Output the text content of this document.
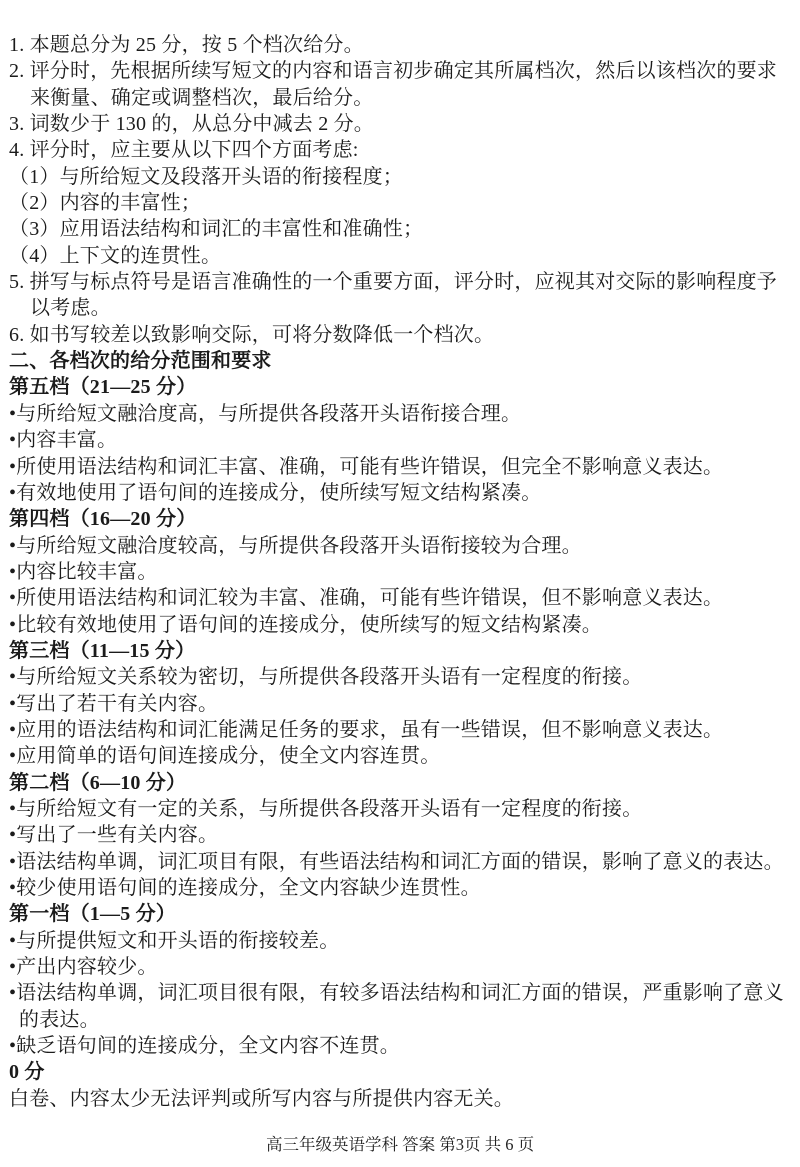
1. 本题总分为 25 分，按 5 个档次给分。
2. 评分时，先根据所续写短文的内容和语言初步确定其所属档次，然后以该档次的要求
来衡量、确定或调整档次，最后给分。
3. 词数少于 130 的，从总分中减去 2 分。
4. 评分时，应主要从以下四个方面考虑:
（1）与所给短文及段落开头语的衔接程度；
（2）内容的丰富性；
（3）应用语法结构和词汇的丰富性和准确性；
（4）上下文的连贯性。
5. 拼写与标点符号是语言准确性的一个重要方面，评分时，应视其对交际的影响程度予
以考虑。
6. 如书写较差以致影响交际，可将分数降低一个档次。
二、各档次的给分范围和要求
第五档（21—25 分）
•与所给短文融洽度高，与所提供各段落开头语衔接合理。
•内容丰富。
•所使用语法结构和词汇丰富、准确，可能有些许错误，但完全不影响意义表达。
•有效地使用了语句间的连接成分，使所续写短文结构紧凑。
第四档（16—20 分）
•与所给短文融洽度较高，与所提供各段落开头语衔接较为合理。
•内容比较丰富。
•所使用语法结构和词汇较为丰富、准确，可能有些许错误，但不影响意义表达。
•比较有效地使用了语句间的连接成分，使所续写的短文结构紧凑。
第三档（11—15 分）
•与所给短文关系较为密切，与所提供各段落开头语有一定程度的衔接。
•写出了若干有关内容。
•应用的语法结构和词汇能满足任务的要求，虽有一些错误，但不影响意义表达。
•应用简单的语句间连接成分，使全文内容连贯。
第二档（6—10 分）
•与所给短文有一定的关系，与所提供各段落开头语有一定程度的衔接。
•写出了一些有关内容。
•语法结构单调，词汇项目有限，有些语法结构和词汇方面的错误，影响了意义的表达。
•较少使用语句间的连接成分，全文内容缺少连贯性。
第一档（1—5 分）
•与所提供短文和开头语的衔接较差。
•产出内容较少。
•语法结构单调，词汇项目很有限，有较多语法结构和词汇方面的错误，严重影响了意义
的表达。
•缺乏语句间的连接成分，全文内容不连贯。
0 分
白卷、内容太少无法评判或所写内容与所提供内容无关。
高三年级英语学科 答案 第3页 共 6 页
